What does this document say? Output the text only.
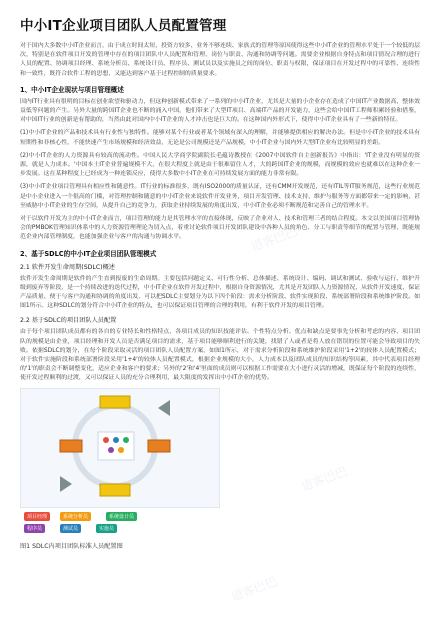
中小IT企业项目团队人员配置管理

对于国内大多数中小IT企业而言，由于成立时间太短、投资方较多、业务不够连续、家族式的管理等原因使得这些中小IT企业的管理水平处于一个较低的层次，特别是在软件项目开发的管理中存在的项目团队中人员配置和管理、岗位与职责、沟通和协调等问题。需要企业根据自身特点和项目情况合理的进行人员的配置、协调项目经理、系统分析员、系统设计员、程序员、测试员以及实施员之间的岗位、职责与权限，保证项目在开发过程中的可靠性、连续性和一致性，既符合软件工程的思想，又能达到客户基于过程控制的质量要求。

1、中小IT企业现状与项目管理概述

国内IT行业具有很明的目标在创业欲望和驱动力，但这种创新模式带来了一系列的中小IT企业，尤其是大量的小企业存在造成了中国IT产业数据高，整体效益低等问题的产生。另外大量的跨国IT企业也不断的涌入中国，他们带来了大型IT项目、高端IT产品的开发能力，这些会给中国IT工程师积累经验和借鉴，对中国IT行业的创新是有帮助的，当然由此对国内中小IT企业的人才冲击也是巨大的。在这种国内外形式下，使得中小IT企业具有了一些新的特征。

(1)中小IT企业的产品和技术具有行业性与独特性。能够对某个行业或者某个领域有深入的理解，并能够提供相应的解决办法。但是中小IT企业的技术具有短期性和非核心性，不能快速产生市场规模和经济效益，无论是公司规模还是产品规模，中小IT企业与国内外大型IT企业有比较明显的差距。

(2)中小IT企业的人力资源具有较高的流动性。中国人民大学商学院副院长毛蕴诗教授在《2007中国软件自主创新报告》中指出：'IT企业没有明显的资源，就是人力成本。'中国本土IT企业普遍规模不大，在很大程度上就是由于很难留住人才，大的跨国IT企业的规模，而规模的效应也就难以在这种企业一步发展。这在某种程度上已经成为一种连锁反应，使得大多数中小IT企业在可持续发展方面的能力非常有限。

(3)中小IT企业项目管理具有相应性和随意性。IT行业的标准很多，既有ISO2000的质量认证，还有CMM开发规范，还有ITIL等IT服务规范，这些行业规范是中小企业进入一个很高的门槛，对管理控制和随意的中小IT企业来说软件开发业务，项目开发管理、技术支持、维护与服务等方面都带来一定的影响，甚至威胁中小IT企业的生存空间，从提升自己的竞争力，获取企业持续发展的角度出发，中小IT企业必须不断规范和完善自己的管理水平。

对于以软件开发为主的中小IT企业而言，项目管理的能力是其管理水平的直接体现，反映了企业对人、技术和管理三者的结合程度。本文以美国项目管理协会的PMBOK管理知识体系中的人力资源管理理论为切入点，着重讨论软件项目开发团队建设中各种人员的角色、分工与职责等细节的配置与管理，既能规范企业内部管理制度，也能加强企业与客户的沟通与协调水平。

2、基于SDLC的中小IT企业项目团队管理模式
2.1 软件开发生命周期(SDLC)概述

软件开发生命周期是软件的产生直到报废的生命周期。主要包括问题定义、可行性分析、总体描述、系统设计、编码、调试和测试、验收与运行、维护升级到废弃等阶段，是一个持续改进的迭代过程，中小IT企业在软件开发过程中，根据自身资源情况，尤其是开发团队人力资源情况，从软件开发速度、保证产品质量、便于与客户沟通和协调的角度出发，可以把SDLC主要划分为以下四个阶段：需求分析阶段、软件实现阶段、系统部署阶段和系统维护阶段。如图1所示。这种SDLC的划分符合中小IT企业的特点，也可以保证项目管理的合理的利用，有利于软件开发的项目管理。

2.2 基于SDLC的项目团队人员配置

由于每个项目团队成员都有的各自的专业特长和性格特点，各项目成员的知识技能评估、个性特点分析、优点和缺点是要事先分析和考虑的内容，项目团队的规模是由企业，项目经理和开发人员是否满足项目的需求，基于项目能够顺利进行的关键，找错了人或者是将人放在错误的位置可能会导致项目的失败。依据SDLC的划分，在每个阶段采取灵活的项目团队人员配置方案，如图1所示，对于需求分析阶段和系统维护阶段采用'1+2'的较体人员配置模式；对于软件实施阶段和系统部署阶段采用'1+4'的较体人员配置模式，根据企业规模的大小，人力成本以及团队成员的知识结构等因素，其中代表项目经理的'1'的职责会不断调整变化，适应企业和客户的要求；另外的'2'和'4'里面的成员则可以根据工作需要在大小进行灵活的增减，既保证每个阶段的连续性，使开发过程顺利的过渡，又可以保证人员的充分合理利用，最大限度的发挥出中小IT企业的优势。

项目经理	系统分析员	系统设计员
程序员	测试员	实施员
图1 SDLC内项目团队标准人员配置图
道客巴巴
道客巴巴
道客巴巴
道客巴巴
道客巴巴
